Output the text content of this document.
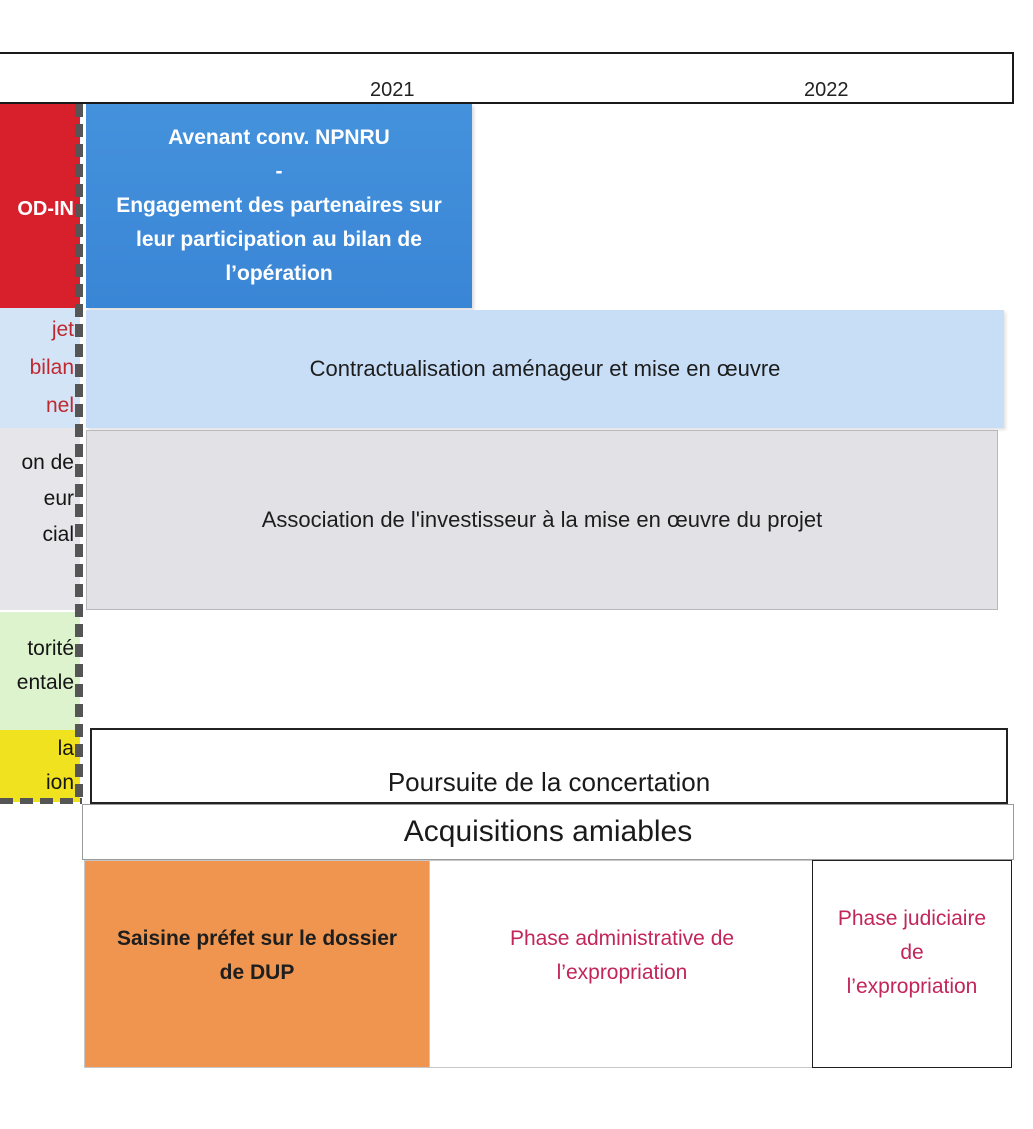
2021	2022
OD-IN
jet
bilan
nel
on de
eur
cial
torité
entale
la
ion
Avenant conv. NPNRU
-
Engagement des partenaires sur
leur participation au bilan de
l’opération
Contractualisation aménageur et mise en œuvre
Association de l'investisseur à la mise en œuvre du projet
Poursuite de la concertation
Acquisitions amiables
Saisine préfet sur le dossier
de DUP
Phase administrative de
l’expropriation
Phase judiciaire
de
l’expropriation
